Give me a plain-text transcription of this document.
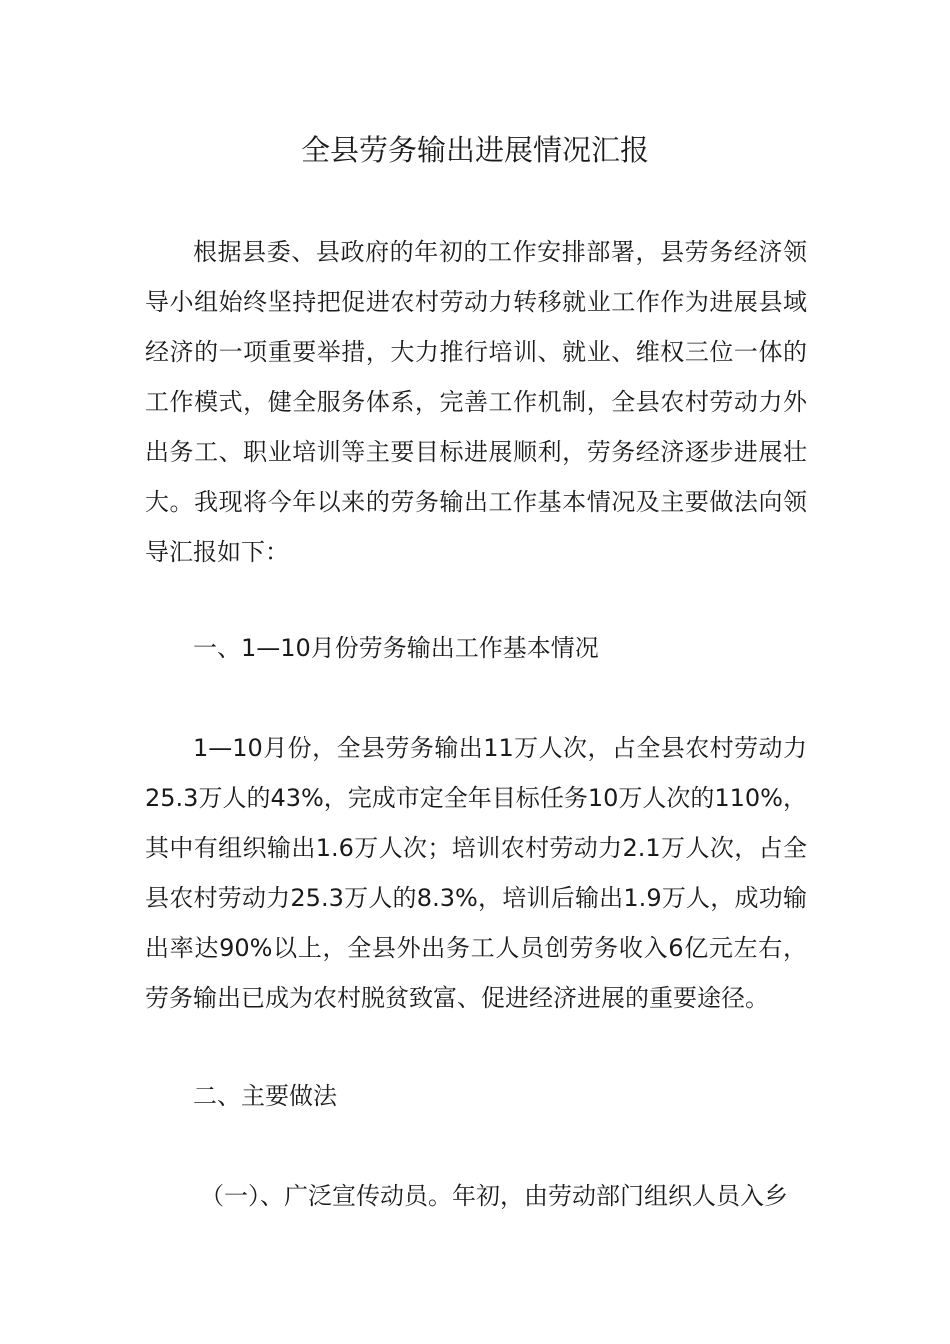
全县劳务输出进展情况汇报

根据县委、县政府的年初的工作安排部署，县劳务经济领导小组始终坚持把促进农村劳动力转移就业工作作为进展县域经济的一项重要举措，大力推行培训、就业、维权三位一体的工作模式，健全服务体系，完善工作机制，全县农村劳动力外出务工、职业培训等主要目标进展顺利，劳务经济逐步进展壮大。我现将今年以来的劳务输出工作基本情况及主要做法向领导汇报如下：

一、1—10月份劳务输出工作基本情况

1—10月份，全县劳务输出11万人次，占全县农村劳动力25.3万人的43%，完成市定全年目标任务10万人次的110%，其中有组织输出1.6万人次；培训农村劳动力2.1万人次，占全县农村劳动力25.3万人的8.3%，培训后输出1.9万人，成功输出率达90%以上，全县外出务工人员创劳务收入6亿元左右，劳务输出已成为农村脱贫致富、促进经济进展的重要途径。

二、主要做法

（一）、广泛宣传动员。年初，由劳动部门组织人员入乡
